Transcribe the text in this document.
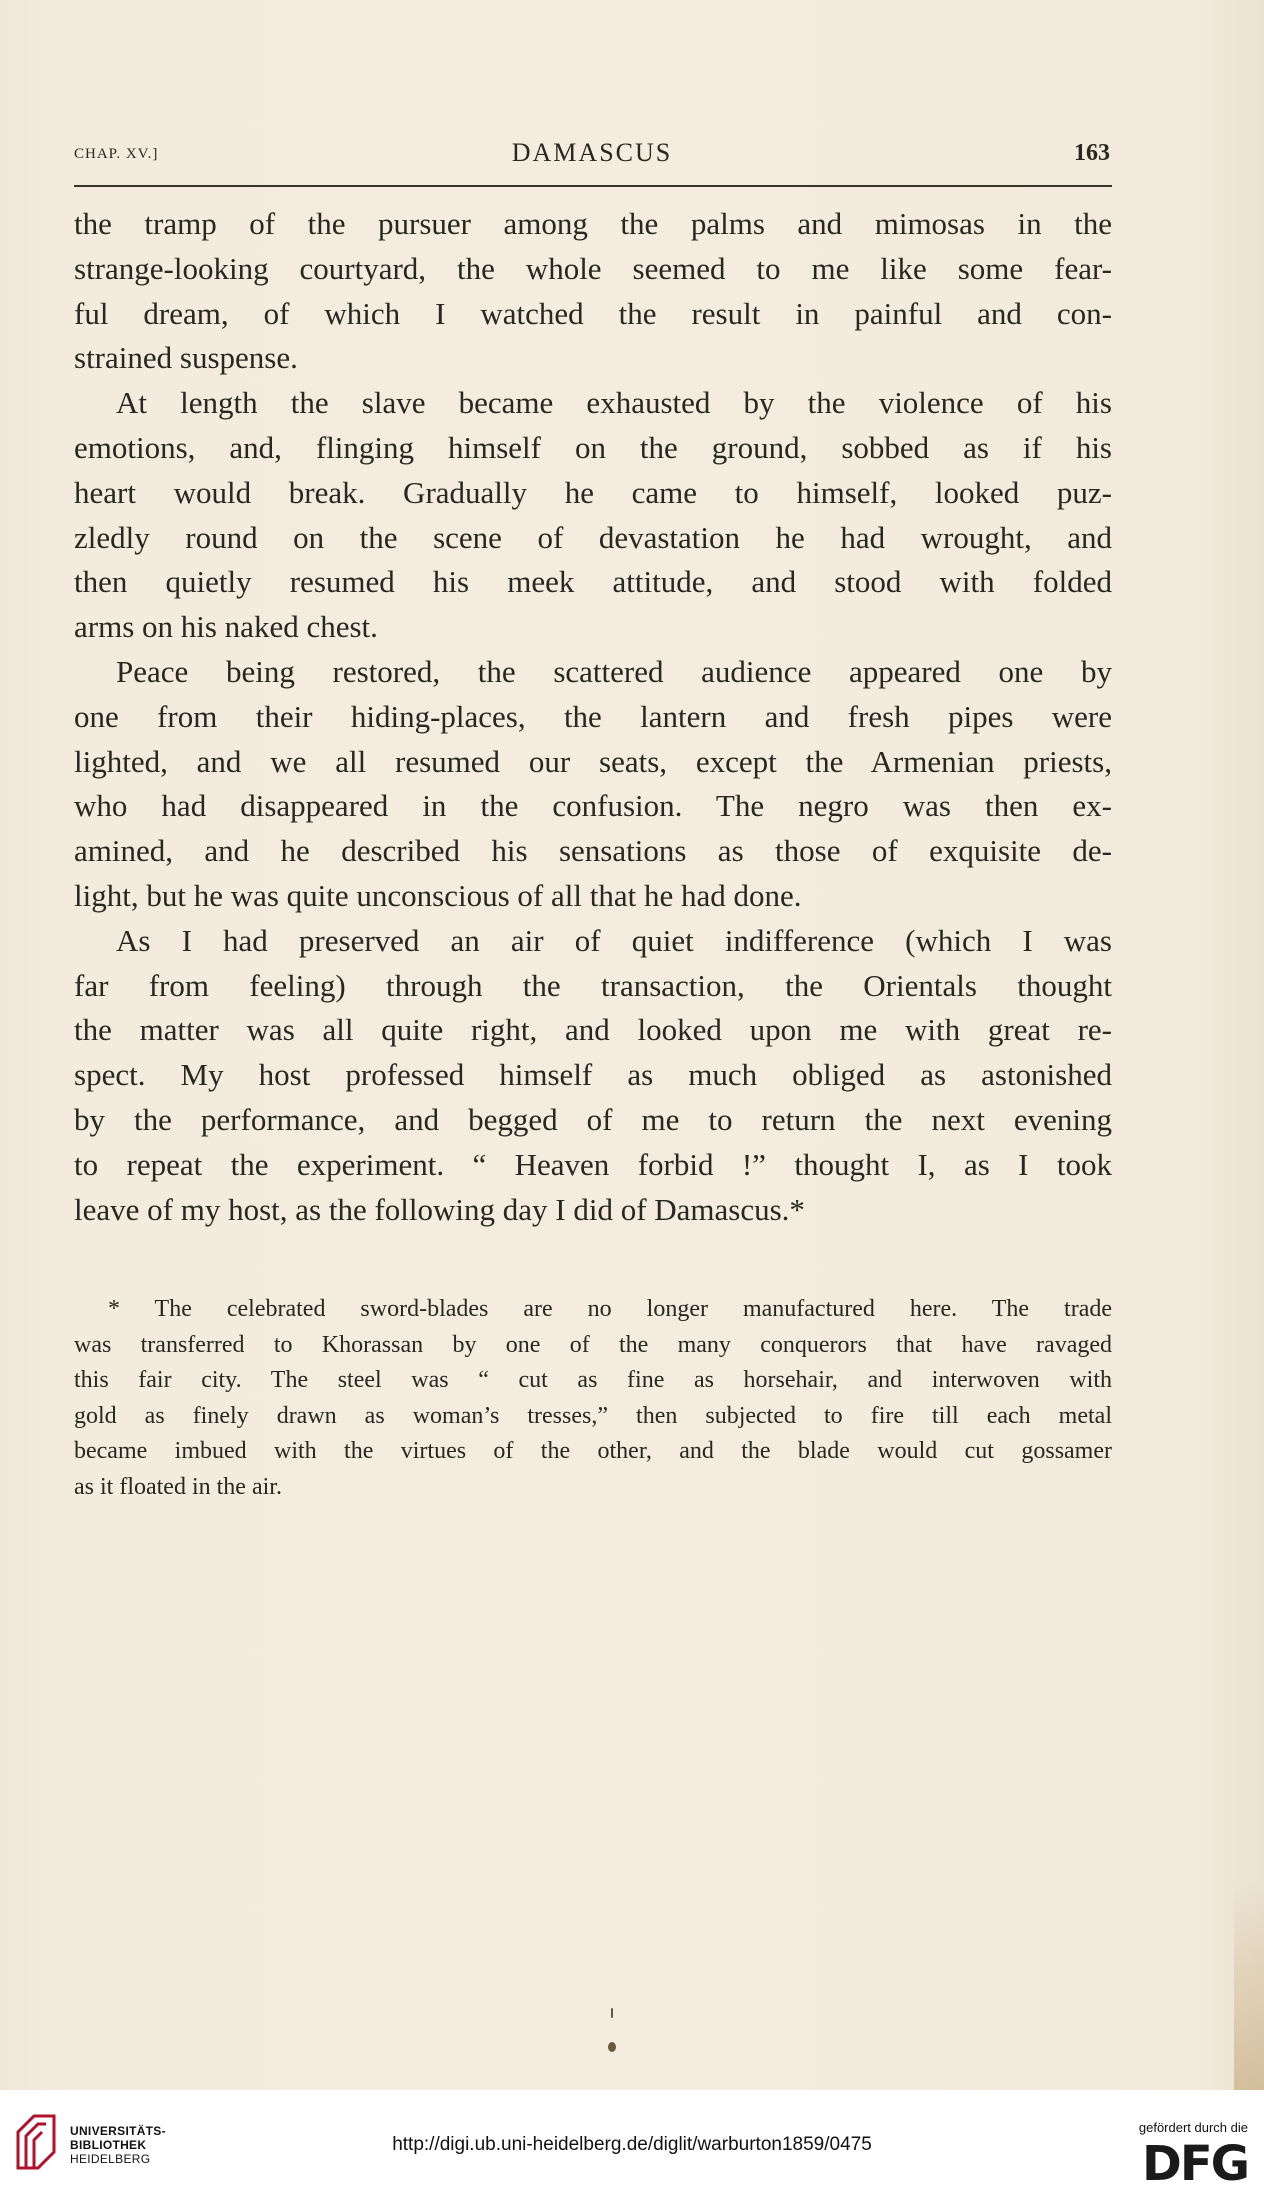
CHAP. XV.]	DAMASCUS	163

the tramp of the pursuer among the palms and mimosas in the
strange-looking courtyard, the whole seemed to me like some fear-
ful dream, of which I watched the result in painful and con-
strained suspense.

At length the slave became exhausted by the violence of his
emotions, and, flinging himself on the ground, sobbed as if his
heart would break. Gradually he came to himself, looked puz-
zledly round on the scene of devastation he had wrought, and
then quietly resumed his meek attitude, and stood with folded
arms on his naked chest.

Peace being restored, the scattered audience appeared one by
one from their hiding-places, the lantern and fresh pipes were
lighted, and we all resumed our seats, except the Armenian priests,
who had disappeared in the confusion. The negro was then ex-
amined, and he described his sensations as those of exquisite de-
light, but he was quite unconscious of all that he had done.

As I had preserved an air of quiet indifference (which I was
far from feeling) through the transaction, the Orientals thought
the matter was all quite right, and looked upon me with great re-
spect. My host professed himself as much obliged as astonished
by the performance, and begged of me to return the next evening
to repeat the experiment. “ Heaven forbid !” thought I, as I took
leave of my host, as the following day I did of Damascus.*

* The celebrated sword-blades are no longer manufactured here. The trade
was transferred to Khorassan by one of the many conquerors that have ravaged
this fair city. The steel was “ cut as fine as horsehair, and interwoven with
gold as finely drawn as woman’s tresses,” then subjected to fire till each metal
became imbued with the virtues of the other, and the blade would cut gossamer
as it floated in the air.
UNIVERSITÄTS-
BIBLIOTHEK
HEIDELBERG
http://digi.ub.uni-heidelberg.de/diglit/warburton1859/0475
gefördert durch die
DFG
